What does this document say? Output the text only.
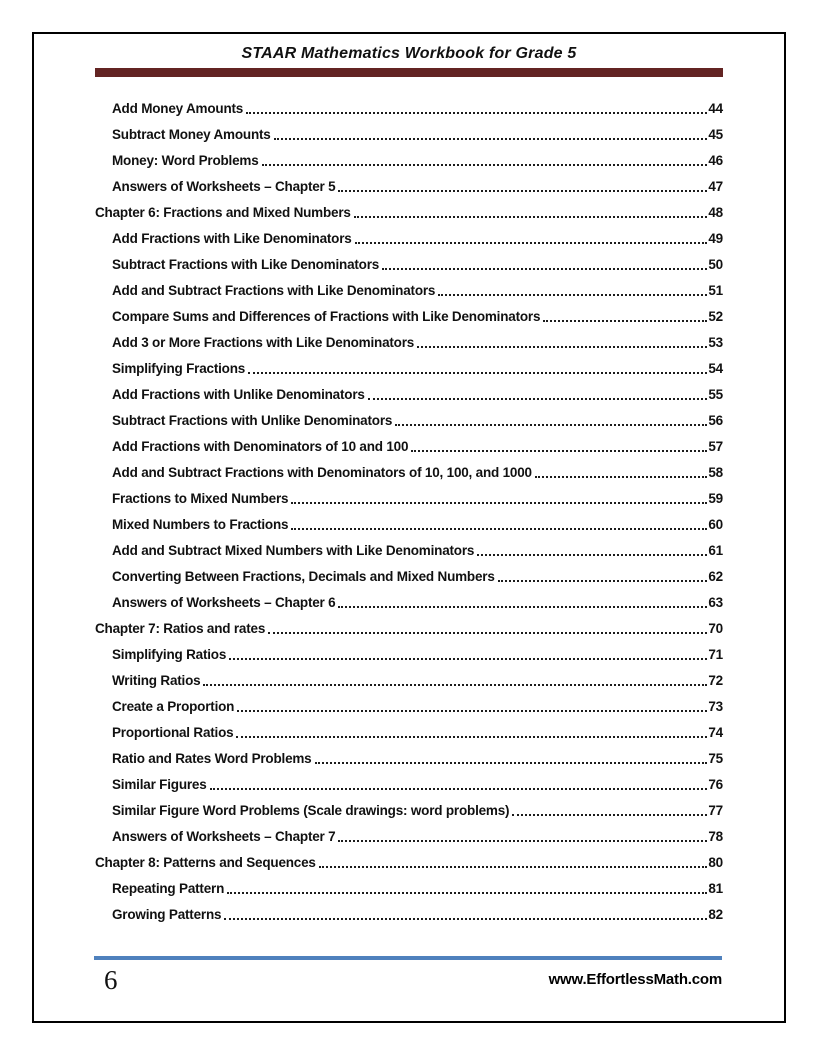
STAAR Mathematics Workbook for Grade 5
Add Money Amounts	44
Subtract Money Amounts	45
Money: Word Problems	46
Answers of Worksheets – Chapter 5	47
Chapter 6: Fractions and Mixed Numbers	48
Add Fractions with Like Denominators	49
Subtract Fractions with Like Denominators	50
Add and Subtract Fractions with Like Denominators	51
Compare Sums and Differences of Fractions with Like Denominators	52
Add 3 or More Fractions with Like Denominators	53
Simplifying Fractions	54
Add Fractions with Unlike Denominators	55
Subtract Fractions with Unlike Denominators	56
Add Fractions with Denominators of 10 and 100	57
Add and Subtract Fractions with Denominators of 10, 100, and 1000	58
Fractions to Mixed Numbers	59
Mixed Numbers to Fractions	60
Add and Subtract Mixed Numbers with Like Denominators	61
Converting Between Fractions, Decimals and Mixed Numbers	62
Answers of Worksheets – Chapter 6	63
Chapter 7: Ratios and rates	70
Simplifying Ratios	71
Writing Ratios	72
Create a Proportion	73
Proportional Ratios	74
Ratio and Rates Word Problems	75
Similar Figures	76
Similar Figure Word Problems (Scale drawings: word problems)	77
Answers of Worksheets – Chapter 7	78
Chapter 8: Patterns and Sequences	80
Repeating Pattern	81
Growing Patterns	82
6	www.EffortlessMath.com
